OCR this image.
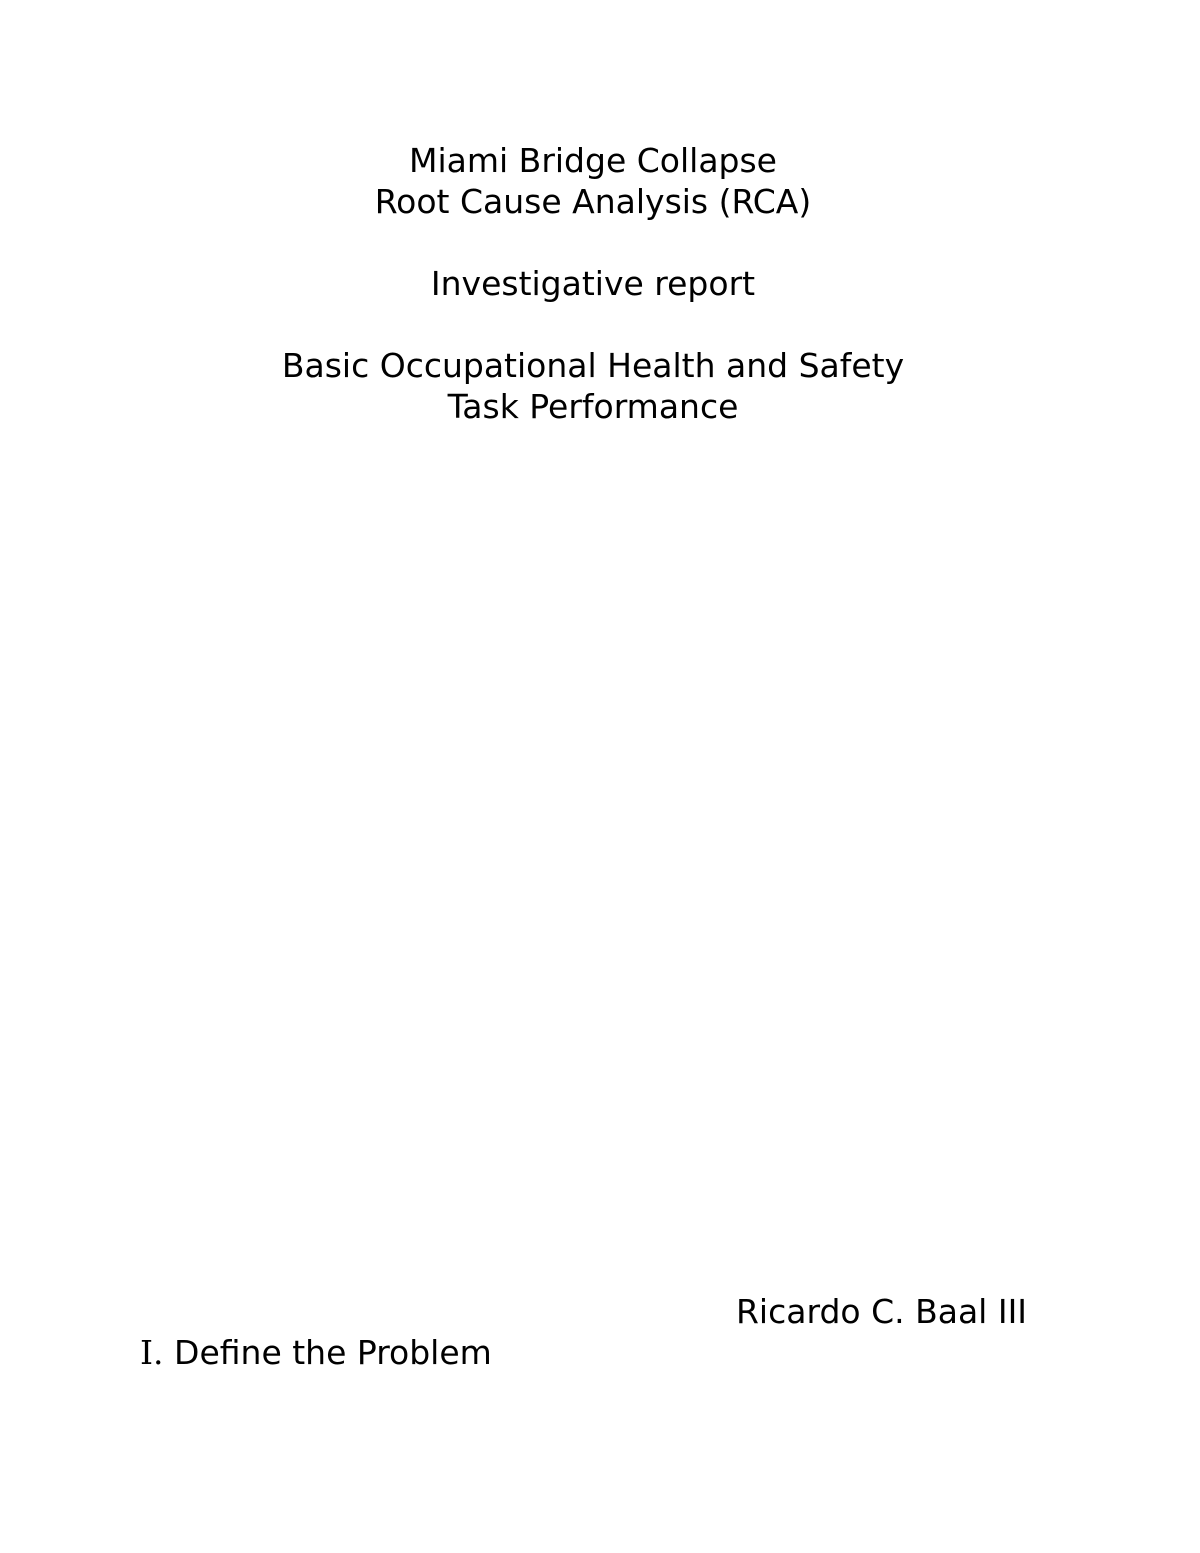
Miami Bridge Collapse
Root Cause Analysis (RCA)
Investigative report
Basic Occupational Health and Safety
Task Performance
Ricardo C. Baal III
I. Define the Problem
